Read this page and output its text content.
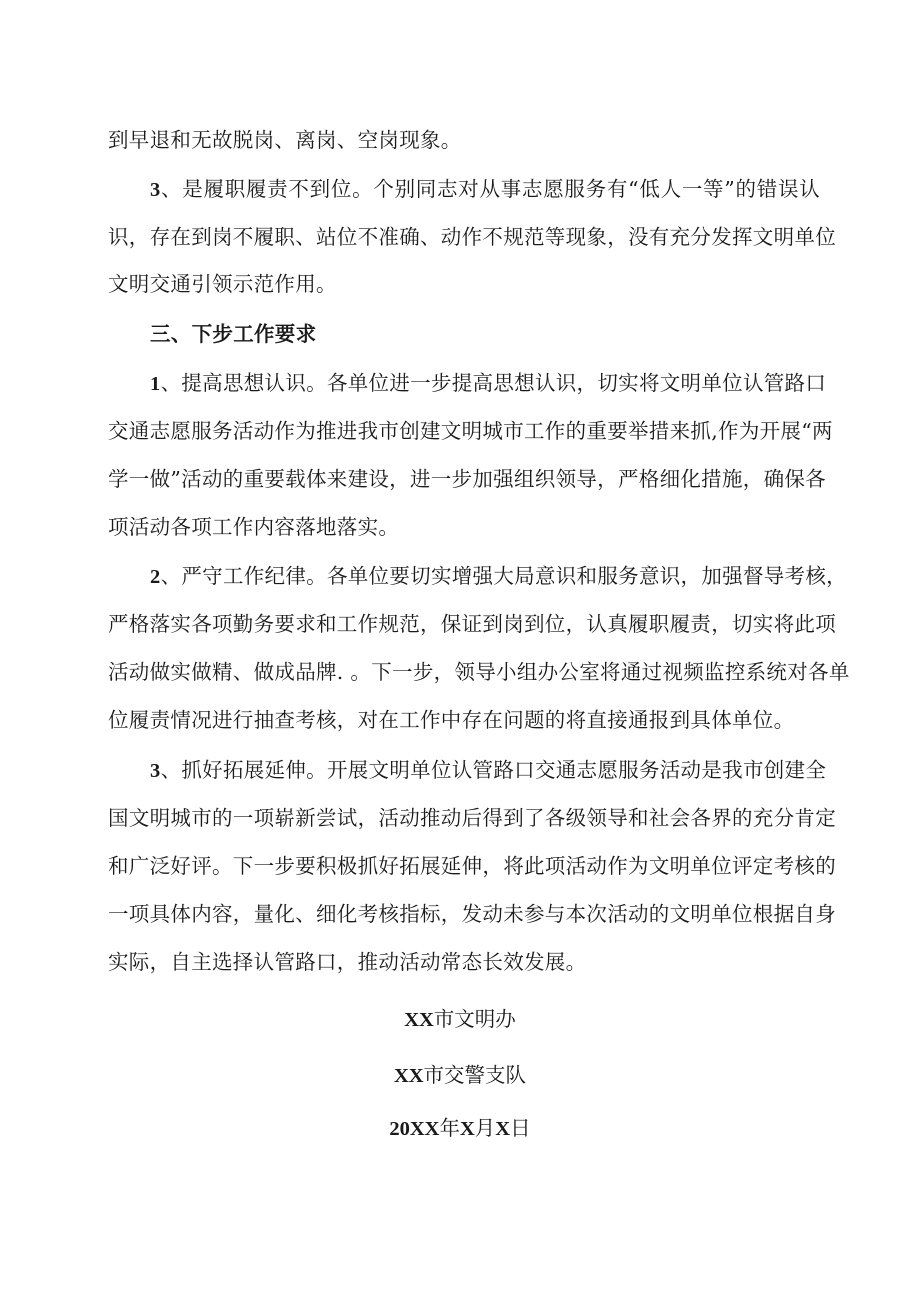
到早退和无故脱岗、离岗、空岗现象。
3、是履职履责不到位。个别同志对从事志愿服务有“低人一等”的错误认
识，存在到岗不履职、站位不准确、动作不规范等现象，没有充分发挥文明单位
文明交通引领示范作用。
三、下步工作要求
1、提高思想认识。各单位进一步提高思想认识，切实将文明单位认管路口
交通志愿服务活动作为推进我市创建文明城市工作的重要举措来抓,作为开展“两
学一做”活动的重要载体来建设，进一步加强组织领导，严格细化措施，确保各
项活动各项工作内容落地落实。
2、严守工作纪律。各单位要切实增强大局意识和服务意识，加强督导考核，
严格落实各项勤务要求和工作规范，保证到岗到位，认真履职履责，切实将此项
活动做实做精、做成品牌. 。下一步，领导小组办公室将通过视频监控系统对各单
位履责情况进行抽查考核，对在工作中存在问题的将直接通报到具体单位。
3、抓好拓展延伸。开展文明单位认管路口交通志愿服务活动是我市创建全
国文明城市的一项崭新尝试，活动推动后得到了各级领导和社会各界的充分肯定
和广泛好评。下一步要积极抓好拓展延伸，将此项活动作为文明单位评定考核的
一项具体内容，量化、细化考核指标，发动未参与本次活动的文明单位根据自身
实际，自主选择认管路口，推动活动常态长效发展。
XX市文明办
XX市交警支队
20XX年X月X日
